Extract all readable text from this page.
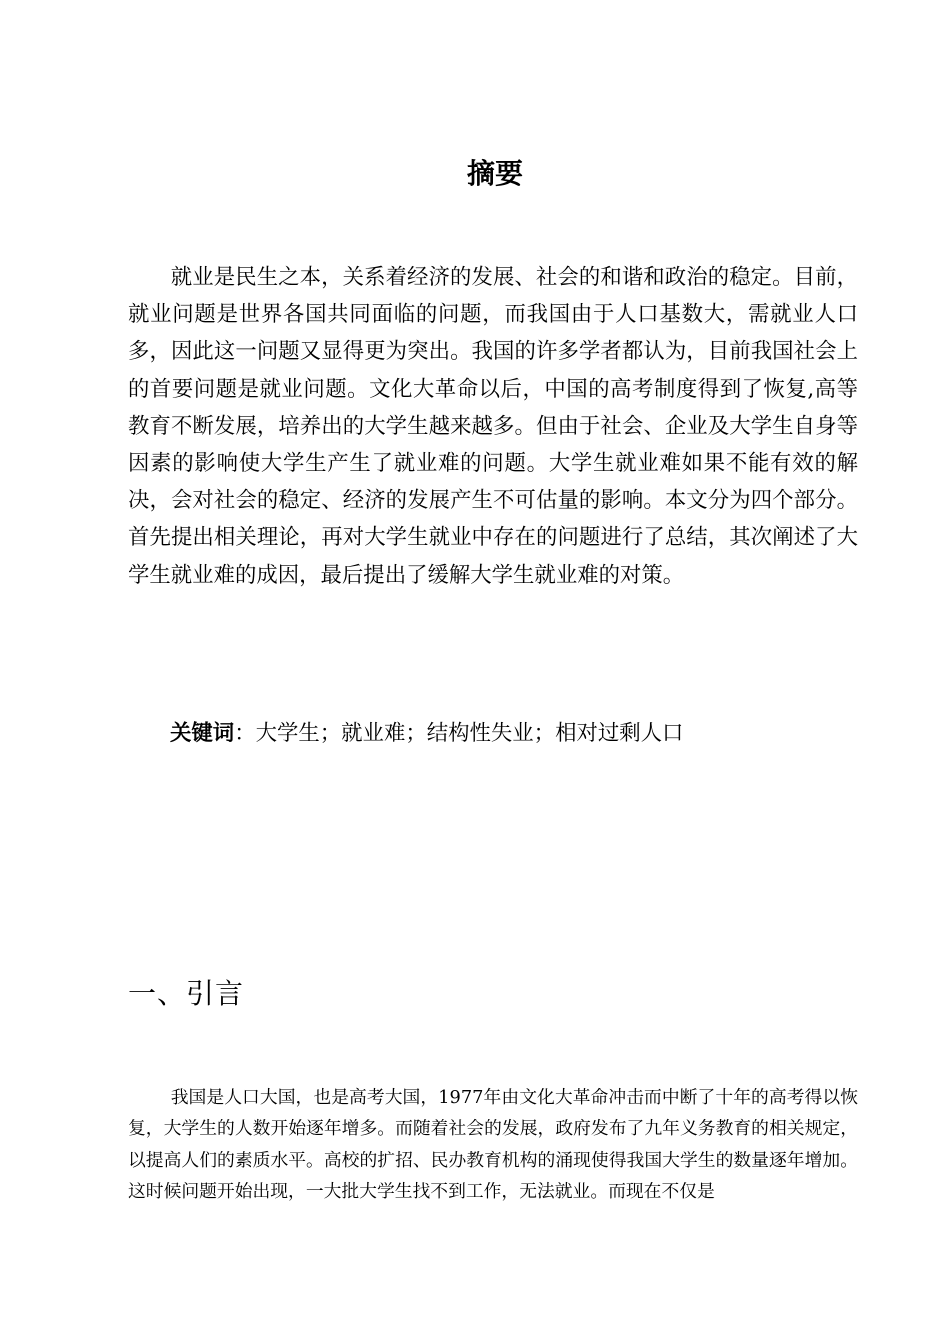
摘要

就业是民生之本，关系着经济的发展、社会的和谐和政治的稳定。目前，就业问题是世界各国共同面临的问题，而我国由于人口基数大，需就业人口多，因此这一问题又显得更为突出。我国的许多学者都认为，目前我国社会上的首要问题是就业问题。文化大革命以后，中国的高考制度得到了恢复,高等教育不断发展，培养出的大学生越来越多。但由于社会、企业及大学生自身等因素的影响使大学生产生了就业难的问题。大学生就业难如果不能有效的解决，会对社会的稳定、经济的发展产生不可估量的影响。本文分为四个部分。首先提出相关理论，再对大学生就业中存在的问题进行了总结，其次阐述了大学生就业难的成因，最后提出了缓解大学生就业难的对策。

关键词：大学生；就业难；结构性失业；相对过剩人口
一、引言

我国是人口大国，也是高考大国，1977年由文化大革命冲击而中断了十年的高考得以恢复，大学生的人数开始逐年增多。而随着社会的发展，政府发布了九年义务教育的相关规定，以提高人们的素质水平。高校的扩招、民办教育机构的涌现使得我国大学生的数量逐年增加。这时候问题开始出现，一大批大学生找不到工作，无法就业。而现在不仅是
